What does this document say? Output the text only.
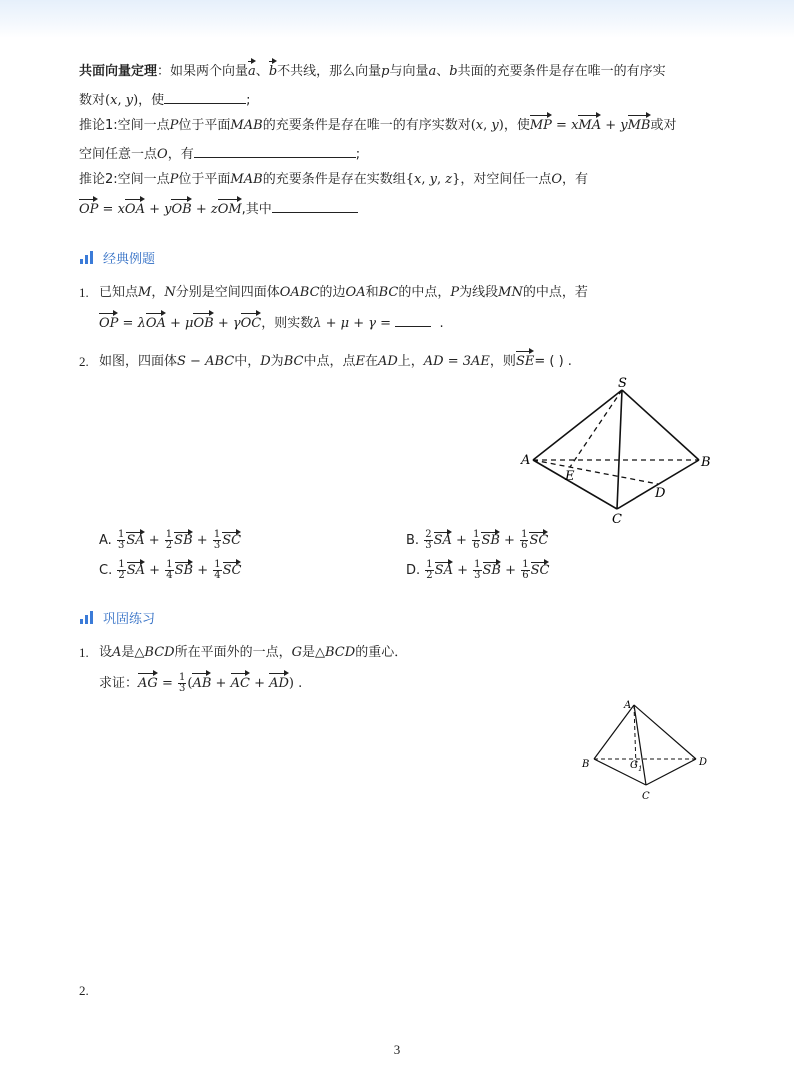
共面向量定理：如果两个向量a、b不共线，那么向量p与向量a、b共面的充要条件是存在唯一的有序实
数对(x, y)，使	;
推论1:空间一点P位于平面MAB的充要条件是存在唯一的有序实数对(x, y)，使MP = xMA + yMB或对
空间任意一点O，有	;
推论2:空间一点P位于平面MAB的充要条件是存在实数组{x, y, z}，对空间任一点O，有
OP = xOA + yOB + zOM,其中
经典例题
1. 已知点M，N分别是空间四面体OABC的边OA和BC的中点，P为线段MN的中点，若
OP = λOA + μOB + γOC，则实数λ + μ + γ =	.
2. 如图，四面体S − ABC中，D为BC中点，点E在AD上，AD = 3AE，则SE= ( ) .
S
A	B
C
D
E
A. $\frac{1}{3}$ SA + $\frac{1}{2}$ SB + $\frac{1}{3}$ SC	B. $\frac{2}{3}$ SA + $\frac{1}{6}$ SB + $\frac{1}{6}$ SC
C. $\frac{1}{2}$ SA + $\frac{1}{4}$ SB + $\frac{1}{4}$ SC	D. $\frac{1}{2}$ SA + $\frac{1}{3}$ SB + $\frac{1}{6}$ SC
巩固练习
1. 设A是△BCD所在平面外的一点，G是△BCD的重心．
求证：AG = $\frac{1}{3} (AB$ + AC + AD) .
A
B
C
D
G 1
2.
3
